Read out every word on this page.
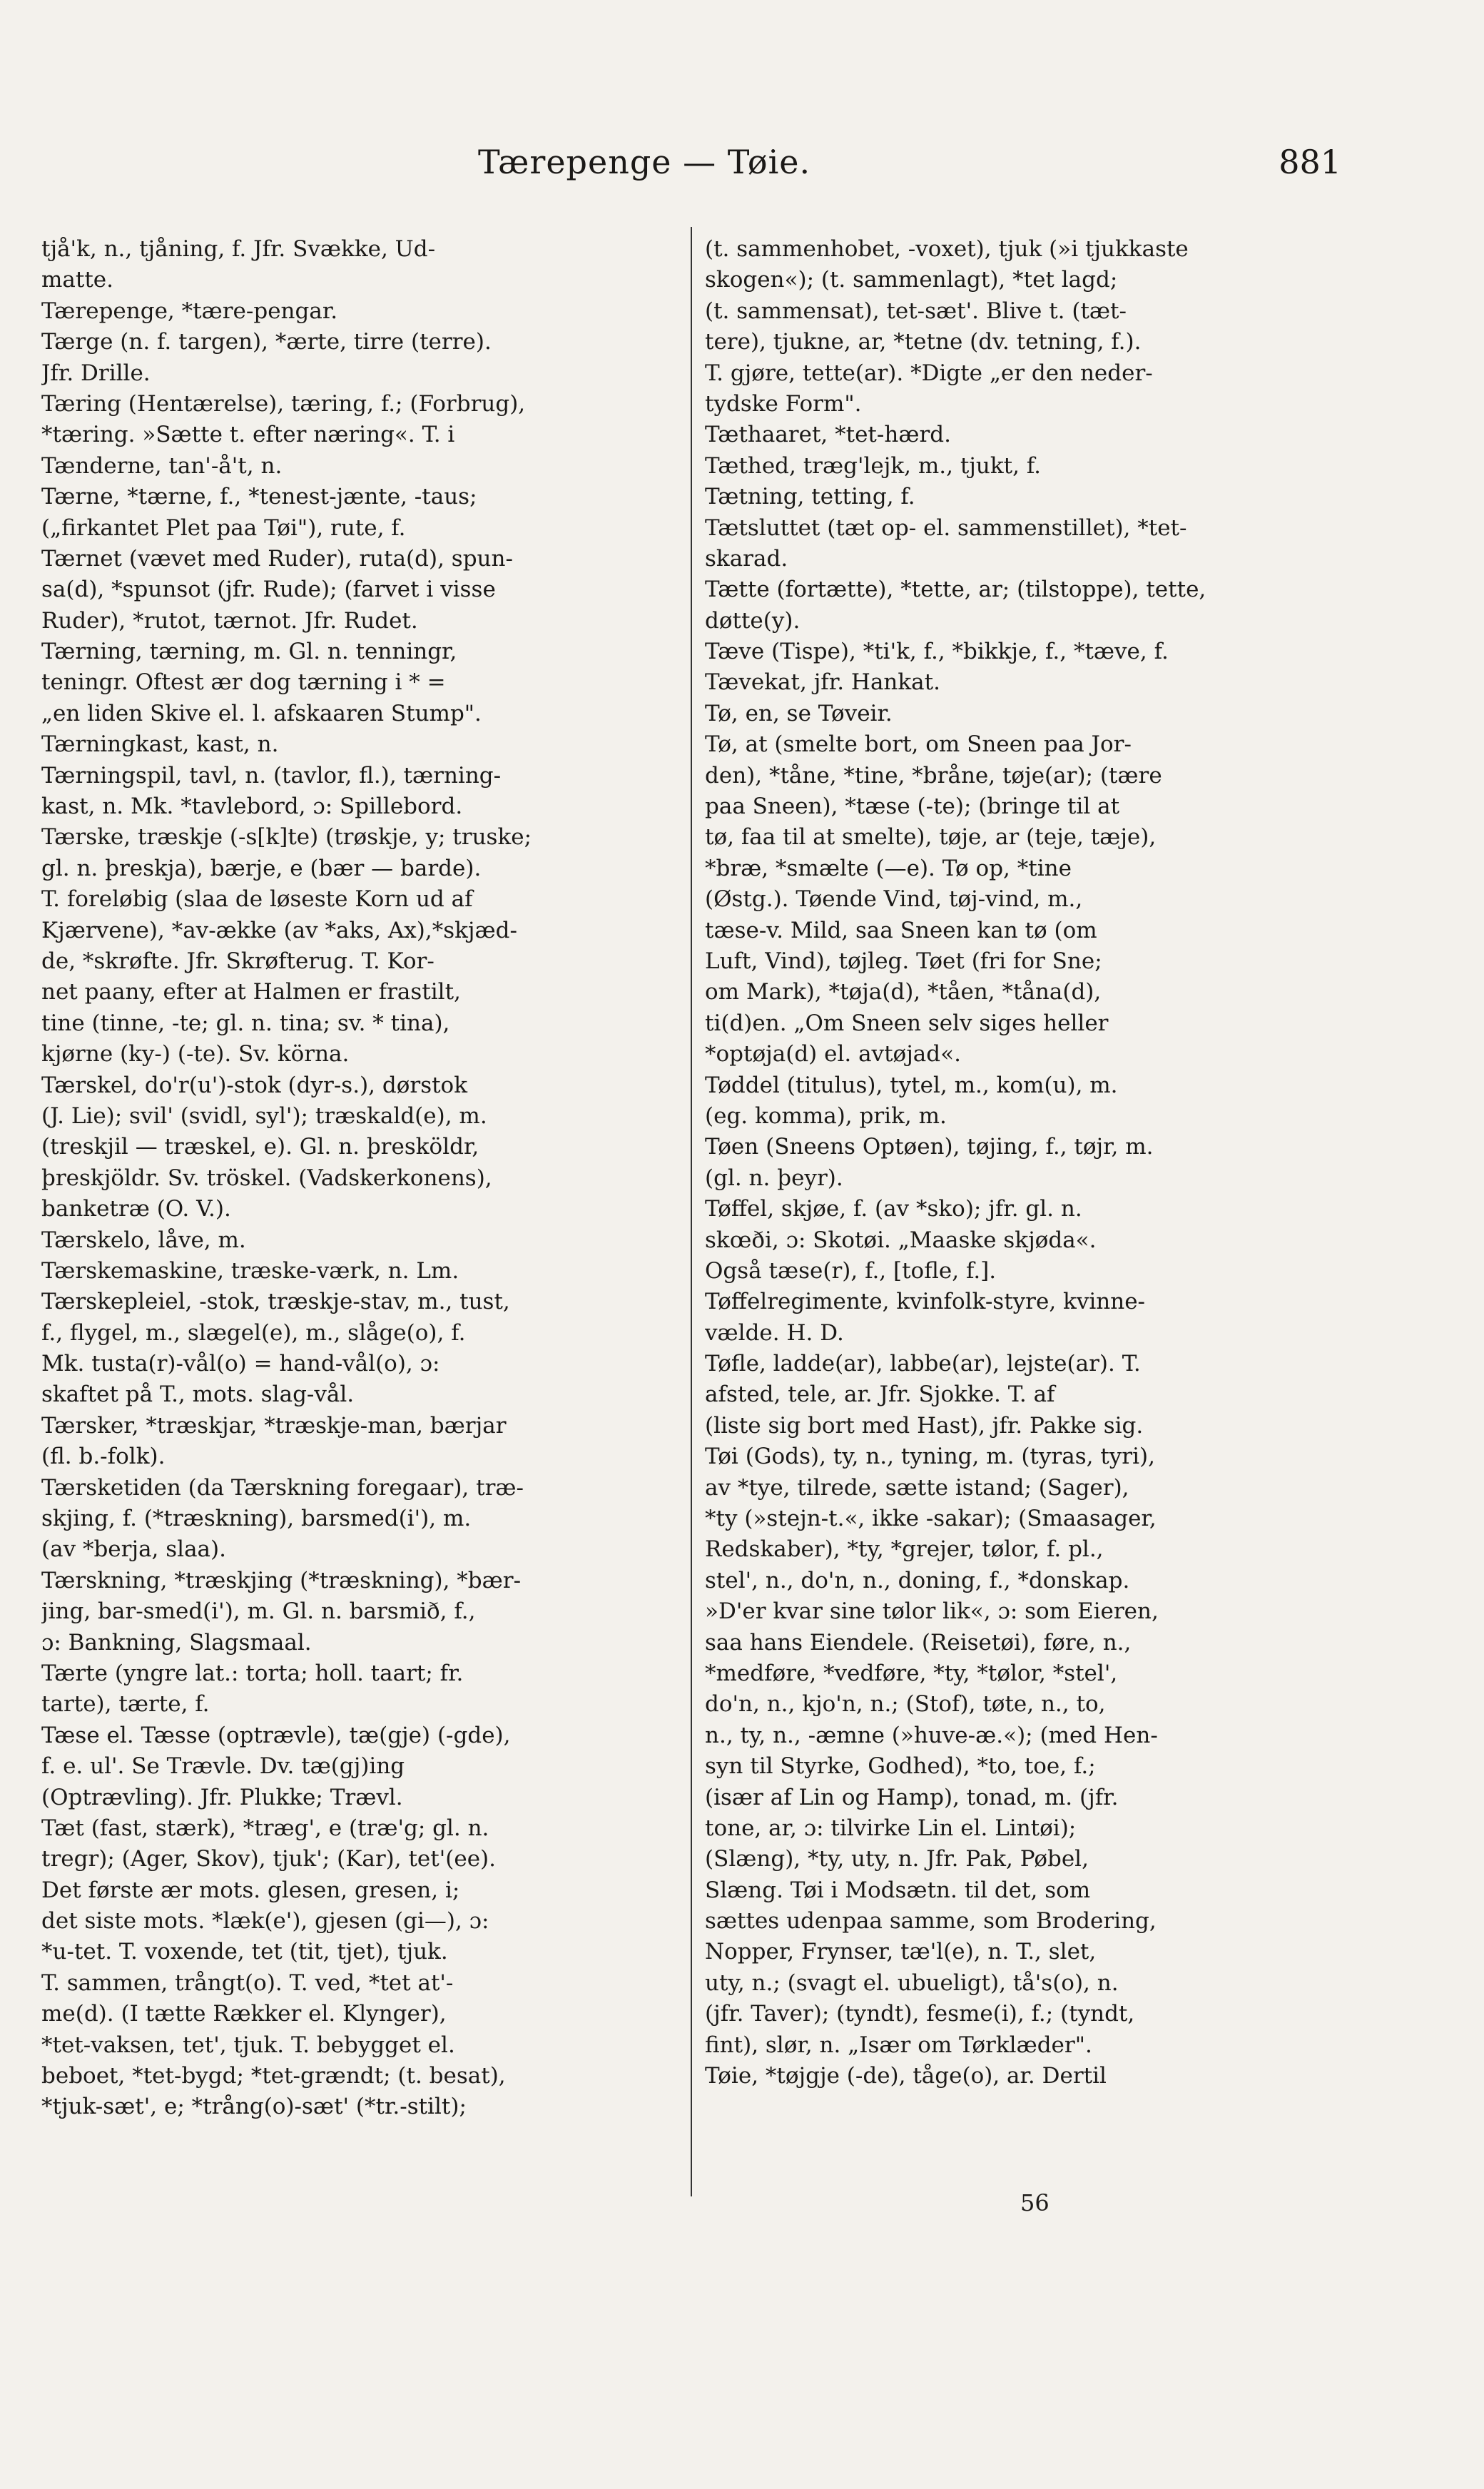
Tærepenge — Tøie.	881
tjå'k, n., tjåning, f. Jfr. Svække, Ud-
matte.
Tærepenge, *tære-pengar.
Tærge (n. f. targen), *ærte, tirre (terre).
Jfr. Drille.
Tæring (Hentærelse), tæring, f.; (Forbrug),
*tæring. »Sætte t. efter næring«. T. i
Tænderne, tan'-å't, n.
Tærne, *tærne, f., *tenest-jænte, -taus;
(„firkantet Plet paa Tøi"), rute, f.
Tærnet (vævet med Ruder), ruta(d), spun-
sa(d), *spunsot (jfr. Rude); (farvet i visse
Ruder), *rutot, tærnot. Jfr. Rudet.
Tærning, tærning, m. Gl. n. tenningr,
teningr. Oftest ær dog tærning i * =
„en liden Skive el. l. afskaaren Stump".
Tærningkast, kast, n.
Tærningspil, tavl, n. (tavlor, fl.), tærning-
kast, n. Mk. *tavlebord, ɔ: Spillebord.
Tærske, træskje (-s[k]te) (trøskje, y; truske;
gl. n. þreskja), bærje, e (bær — barde).
T. foreløbig (slaa de løseste Korn ud af
Kjærvene), *av-ække (av *aks, Ax),*skjæd-
de, *skrøfte. Jfr. Skrøfterug. T. Kor-
net paany, efter at Halmen er frastilt,
tine (tinne, -te; gl. n. tina; sv. * tina),
kjørne (ky-) (-te). Sv. körna.
Tærskel, do'r(u')-stok (dyr-s.), dørstok
(J. Lie); svil' (svidl, syl'); træskald(e), m.
(treskjil — træskel, e). Gl. n. þresköldr,
þreskjöldr. Sv. tröskel. (Vadskerkonens),
banketræ (O. V.).
Tærskelo, låve, m.
Tærskemaskine, træske-værk, n. Lm.
Tærskepleiel, -stok, træskje-stav, m., tust,
f., flygel, m., slægel(e), m., slåge(o), f.
Mk. tusta(r)-vål(o) = hand-vål(o), ɔ:
skaftet på T., mots. slag-vål.
Tærsker, *træskjar, *træskje-man, bærjar
(fl. b.-folk).
Tærsketiden (da Tærskning foregaar), træ-
skjing, f. (*træskning), barsmed(i'), m.
(av *berja, slaa).
Tærskning, *træskjing (*træskning), *bær-
jing, bar-smed(i'), m. Gl. n. barsmið, f.,
ɔ: Bankning, Slagsmaal.
Tærte (yngre lat.: torta; holl. taart; fr.
tarte), tærte, f.
Tæse el. Tæsse (optrævle), tæ(gje) (-gde),
f. e. ul'. Se Trævle. Dv. tæ(gj)ing
(Optrævling). Jfr. Plukke; Trævl.
Tæt (fast, stærk), *træg', e (træ'g; gl. n.
tregr); (Ager, Skov), tjuk'; (Kar), tet'(ee).
Det første ær mots. glesen, gresen, i;
det siste mots. *læk(e'), gjesen (gi—), ɔ:
*u-tet. T. voxende, tet (tit, tjet), tjuk.
T. sammen, trångt(o). T. ved, *tet at'-
me(d). (I tætte Rækker el. Klynger),
*tet-vaksen, tet', tjuk. T. bebygget el.
beboet, *tet-bygd; *tet-grændt; (t. besat),
*tjuk-sæt', e; *trång(o)-sæt' (*tr.-stilt);
(t. sammenhobet, -voxet), tjuk (»i tjukkaste
skogen«); (t. sammenlagt), *tet lagd;
(t. sammensat), tet-sæt'. Blive t. (tæt-
tere), tjukne, ar, *tetne (dv. tetning, f.).
T. gjøre, tette(ar). *Digte „er den neder-
tydske Form".
Tæthaaret, *tet-hærd.
Tæthed, træg'lejk, m., tjukt, f.
Tætning, tetting, f.
Tætsluttet (tæt op- el. sammenstillet), *tet-
skarad.
Tætte (fortætte), *tette, ar; (tilstoppe), tette,
døtte(y).
Tæve (Tispe), *ti'k, f., *bikkje, f., *tæve, f.
Tævekat, jfr. Hankat.
Tø, en, se Tøveir.
Tø, at (smelte bort, om Sneen paa Jor-
den), *tåne, *tine, *bråne, tøje(ar); (tære
paa Sneen), *tæse (-te); (bringe til at
tø, faa til at smelte), tøje, ar (teje, tæje),
*bræ, *smælte (—e). Tø op, *tine
(Østg.). Tøende Vind, tøj-vind, m.,
tæse-v. Mild, saa Sneen kan tø (om
Luft, Vind), tøjleg. Tøet (fri for Sne;
om Mark), *tøja(d), *tåen, *tåna(d),
ti(d)en. „Om Sneen selv siges heller
*optøja(d) el. avtøjad«.
Tøddel (titulus), tytel, m., kom(u), m.
(eg. komma), prik, m.
Tøen (Sneens Optøen), tøjing, f., tøjr, m.
(gl. n. þeyr).
Tøffel, skjøe, f. (av *sko); jfr. gl. n.
skœði, ɔ: Skotøi. „Maaske skjøda«.
Også tæse(r), f., [tofle, f.].
Tøffelregimente, kvinfolk-styre, kvinne-
vælde. H. D.
Tøfle, ladde(ar), labbe(ar), lejste(ar). T.
afsted, tele, ar. Jfr. Sjokke. T. af
(liste sig bort med Hast), jfr. Pakke sig.
Tøi (Gods), ty, n., tyning, m. (tyras, tyri),
av *tye, tilrede, sætte istand; (Sager),
*ty (»stejn-t.«, ikke -sakar); (Smaasager,
Redskaber), *ty, *grejer, tølor, f. pl.,
stel', n., do'n, n., doning, f., *donskap.
»D'er kvar sine tølor lik«, ɔ: som Eieren,
saa hans Eiendele. (Reisetøi), føre, n.,
*medføre, *vedføre, *ty, *tølor, *stel',
do'n, n., kjo'n, n.; (Stof), tøte, n., to,
n., ty, n., -æmne (»huve-æ.«); (med Hen-
syn til Styrke, Godhed), *to, toe, f.;
(især af Lin og Hamp), tonad, m. (jfr.
tone, ar, ɔ: tilvirke Lin el. Lintøi);
(Slæng), *ty, uty, n. Jfr. Pak, Pøbel,
Slæng. Tøi i Modsætn. til det, som
sættes udenpaa samme, som Brodering,
Nopper, Frynser, tæ'l(e), n. T., slet,
uty, n.; (svagt el. ubueligt), tå's(o), n.
(jfr. Taver); (tyndt), fesme(i), f.; (tyndt,
fint), slør, n. „Især om Tørklæder".
Tøie, *tøjgje (-de), tåge(o), ar. Dertil
56
